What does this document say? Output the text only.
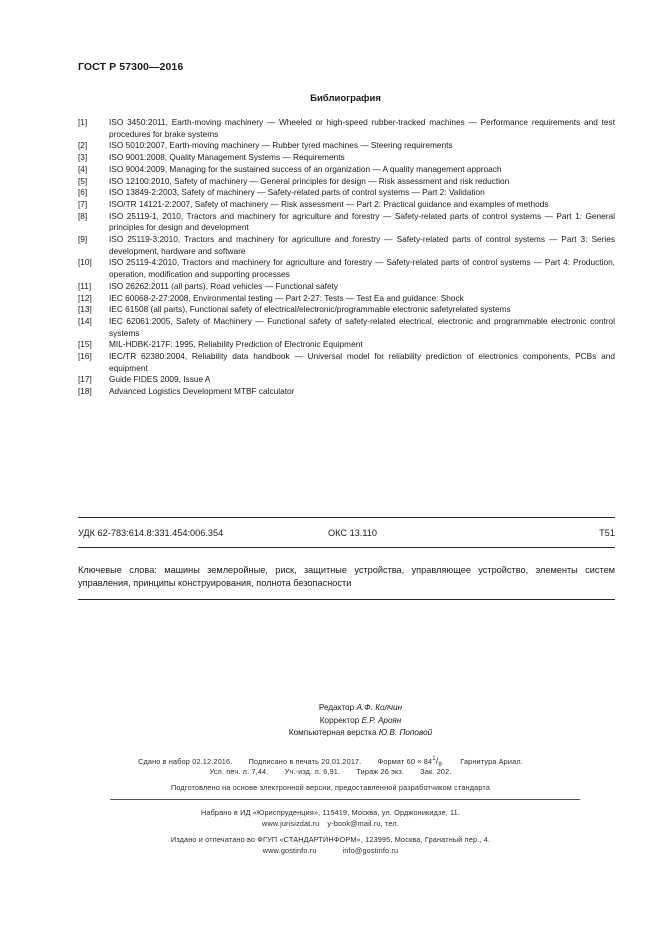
ГОСТ Р 57300—2016
Библиография
[1]	ISO 3450:2011, Earth-moving machinery — Wheeled or high-speed rubber-tracked machines — Performance requirements and test procedures for brake systems
[2]	ISO 5010:2007, Earth-moving machinery — Rubber tyred machines — Steering requirements
[3]	ISO 9001:2008, Quality Management Systems — Requirements
[4]	ISO 9004:2009, Managing for the sustained success of an organization — A quality management approach
[5]	ISO 12100:2010, Safety of machinery — General principles for design — Risk assessment and risk reduction
[6]	ISO 13849-2:2003, Safety of machinery — Safety-related parts of control systems — Part 2: Validation
[7]	ISO/TR 14121-2:2007, Safety of machinery — Risk assessment — Part 2: Practical guidance and examples of methods
[8]	ISO 25119-1, 2010, Tractors and machinery for agriculture and forestry — Safety-related parts of control systems — Part 1: General principles for design and development
[9]	ISO 25119-3:2010, Tractors and machinery for agriculture and forestry — Safety-related parts of control systems — Part 3: Series development, hardware and software
[10]	ISO 25119-4:2010, Tractors and machinery for agriculture and forestry — Safety-related parts of control systems — Part 4: Production, operation, modification and supporting processes
[11]	ISO 26262:2011 (all parts), Road vehicles — Functional safety
[12]	IEC 60068-2-27:2008, Environmental testing — Part 2-27: Tests — Test Ea and guidance: Shock
[13]	IEC 61508 (all parts), Functional safety of electrical/electronic/programmable electronic safetyrelated systems
[14]	IEC 62061:2005, Safety of Machinery — Functional safety of safety-related electrical, electronic and programmable electronic control systems
[15]	MIL-HDBK-217F: 1995, Reliability Prediction of Electronic Equipment
[16]	IEC/TR 62380:2004, Reliability data handbook — Universal model for reliability prediction of electronics components, PCBs and equipment
[17]	Guide FIDES 2009, Issue A
[18]	Advanced Logistics Development MTBF calculator
УДК 62-783:614.8:331.454:006.354	ОКС 13.110	Т51
Ключевые слова: машины землеройные, риск, защитные устройства, управляющее устройство, элементы систем управления, принципы конструирования, полнота безопасности
Редактор А.Ф. Колчин
Корректор Е.Р. Ароян
Компьютерная верстка Ю.В. Поповой
Сдано в набор 02.12.2016. Подписано в печать 20.01.2017. Формат $60 \times 84^1/_8$. Гарнитура Ариал.
Усл. печ. л. 7,44. Уч.-изд. л. 6,91. Тираж 26 экз. Зак. 202.
Подготовлено на основе электронной версии, предоставленной разработчиком стандарта
Набрано в ИД «Юриспруденция», 115419, Москва, ул. Орджоникидзе, 11.
www.jurisizdat.ru y-book@mail.ru, тел.
Издано и отпечатано во ФГУП «СТАНДАРТИНФОРМ», 123995, Москва, Гранатный пер., 4.
www.gostinfo.ru	info@gostinfo.ru
